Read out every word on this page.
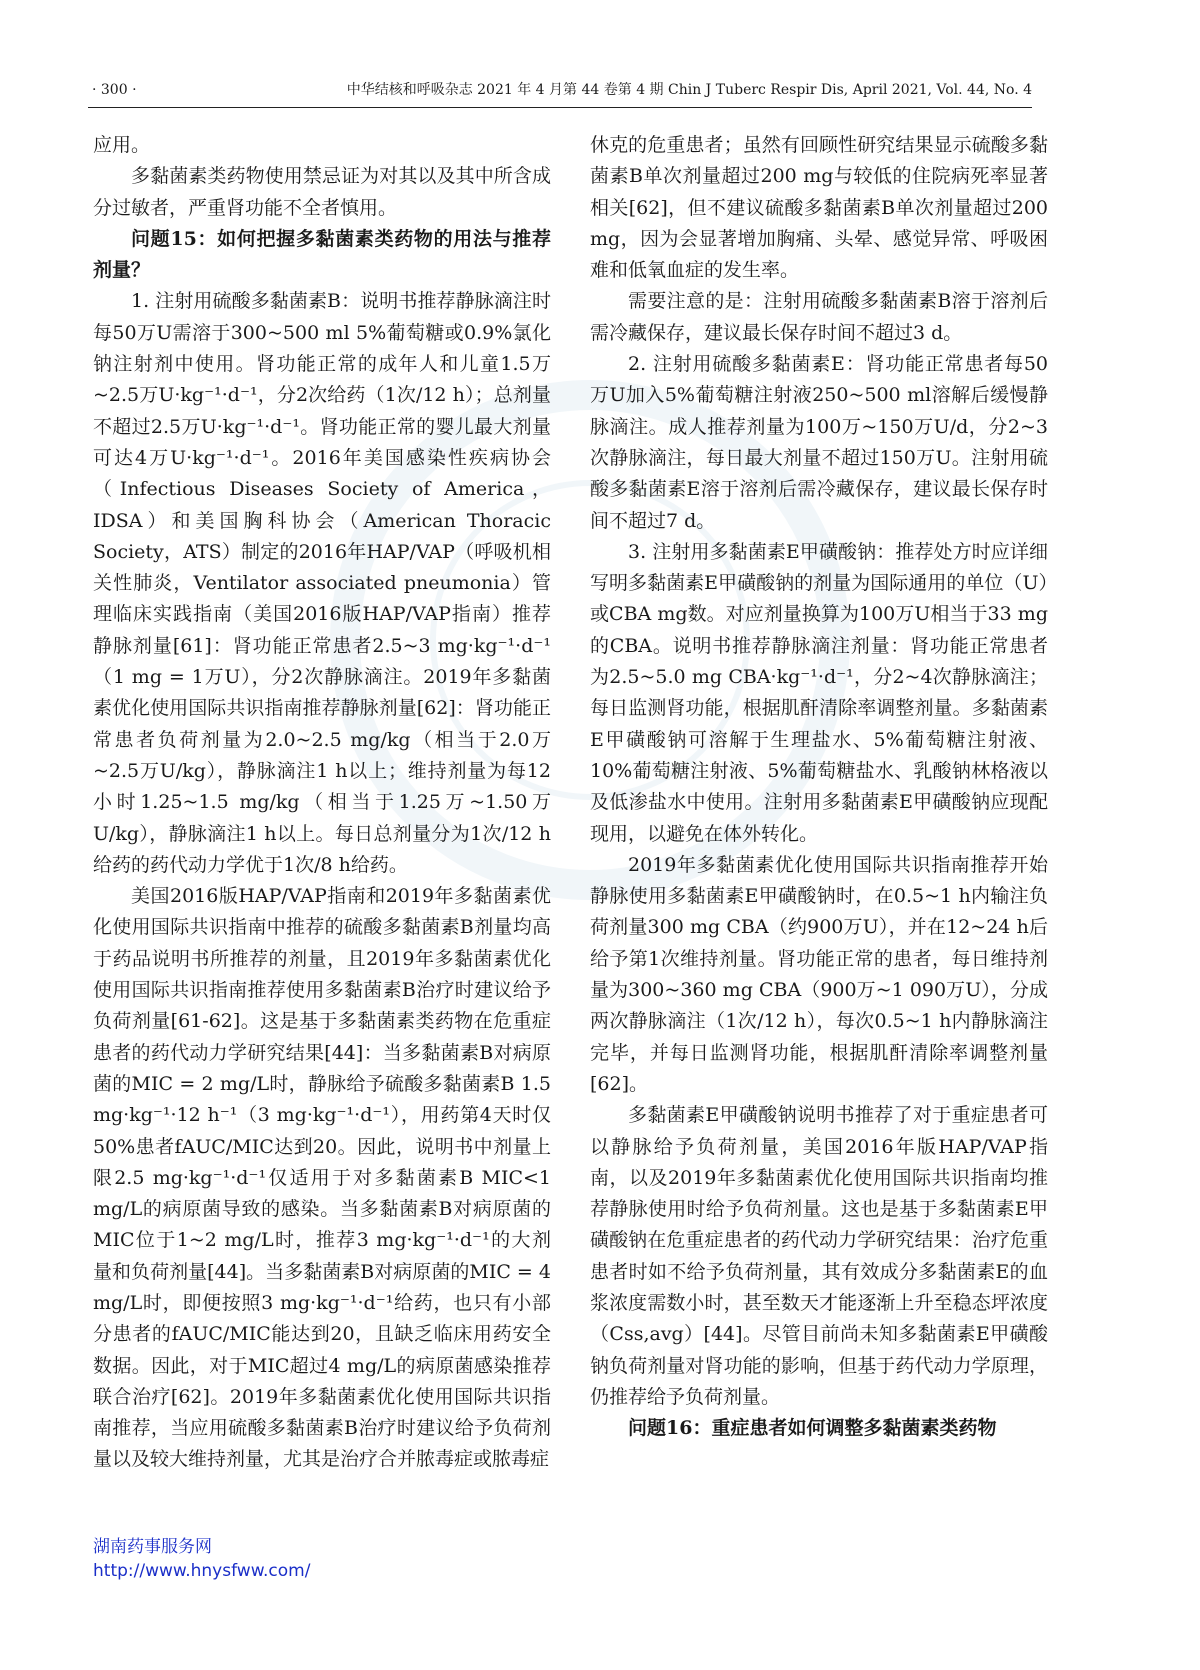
· 300 ·	中华结核和呼吸杂志 2021 年 4 月第 44 卷第 4 期 Chin J Tuberc Respir Dis, April 2021, Vol. 44, No. 4

应用。

多黏菌素类药物使用禁忌证为对其以及其中所含成分过敏者，严重肾功能不全者慎用。

问题15：如何把握多黏菌素类药物的用法与推荐剂量？

1. 注射用硫酸多黏菌素B：说明书推荐静脉滴注时每50万U需溶于300~500 ml 5%葡萄糖或0.9%氯化钠注射剂中使用。肾功能正常的成年人和儿童1.5万~2.5万U·kg⁻¹·d⁻¹，分2次给药（1次/12 h）；总剂量不超过2.5万U·kg⁻¹·d⁻¹。肾功能正常的婴儿最大剂量可达4万U·kg⁻¹·d⁻¹。2016年美国感染性疾病协会（Infectious Diseases Society of America，IDSA）和美国胸科协会（American Thoracic Society，ATS）制定的2016年HAP/VAP（呼吸机相关性肺炎，Ventilator associated pneumonia）管理临床实践指南（美国2016版HAP/VAP指南）推荐静脉剂量[61]：肾功能正常患者2.5~3 mg·kg⁻¹·d⁻¹（1 mg = 1万U），分2次静脉滴注。2019年多黏菌素优化使用国际共识指南推荐静脉剂量[62]：肾功能正常患者负荷剂量为2.0~2.5 mg/kg（相当于2.0万~2.5万U/kg），静脉滴注1 h以上；维持剂量为每12小时1.25~1.5 mg/kg（相当于1.25万~1.50万U/kg），静脉滴注1 h以上。每日总剂量分为1次/12 h给药的药代动力学优于1次/8 h给药。

美国2016版HAP/VAP指南和2019年多黏菌素优化使用国际共识指南中推荐的硫酸多黏菌素B剂量均高于药品说明书所推荐的剂量，且2019年多黏菌素优化使用国际共识指南推荐使用多黏菌素B治疗时建议给予负荷剂量[61-62]。这是基于多黏菌素类药物在危重症患者的药代动力学研究结果[44]：当多黏菌素B对病原菌的MIC = 2 mg/L时，静脉给予硫酸多黏菌素B 1.5 mg·kg⁻¹·12 h⁻¹（3 mg·kg⁻¹·d⁻¹），用药第4天时仅50%患者fAUC/MIC达到20。因此，说明书中剂量上限2.5 mg·kg⁻¹·d⁻¹仅适用于对多黏菌素B MIC<1 mg/L的病原菌导致的感染。当多黏菌素B对病原菌的MIC位于1~2 mg/L时，推荐3 mg·kg⁻¹·d⁻¹的大剂量和负荷剂量[44]。当多黏菌素B对病原菌的MIC = 4 mg/L时，即便按照3 mg·kg⁻¹·d⁻¹给药，也只有小部分患者的fAUC/MIC能达到20，且缺乏临床用药安全数据。因此，对于MIC超过4 mg/L的病原菌感染推荐联合治疗[62]。2019年多黏菌素优化使用国际共识指南推荐，当应用硫酸多黏菌素B治疗时建议给予负荷剂量以及较大维持剂量，尤其是治疗合并脓毒症或脓毒症

休克的危重患者；虽然有回顾性研究结果显示硫酸多黏菌素B单次剂量超过200 mg与较低的住院病死率显著相关[62]，但不建议硫酸多黏菌素B单次剂量超过200 mg，因为会显著增加胸痛、头晕、感觉异常、呼吸困难和低氧血症的发生率。

需要注意的是：注射用硫酸多黏菌素B溶于溶剂后需冷藏保存，建议最长保存时间不超过3 d。

2. 注射用硫酸多黏菌素E：肾功能正常患者每50万U加入5%葡萄糖注射液250~500 ml溶解后缓慢静脉滴注。成人推荐剂量为100万~150万U/d，分2~3次静脉滴注，每日最大剂量不超过150万U。注射用硫酸多黏菌素E溶于溶剂后需冷藏保存，建议最长保存时间不超过7 d。

3. 注射用多黏菌素E甲磺酸钠：推荐处方时应详细写明多黏菌素E甲磺酸钠的剂量为国际通用的单位（U）或CBA mg数。对应剂量换算为100万U相当于33 mg的CBA。说明书推荐静脉滴注剂量：肾功能正常患者为2.5~5.0 mg CBA·kg⁻¹·d⁻¹，分2~4次静脉滴注；每日监测肾功能，根据肌酐清除率调整剂量。多黏菌素E甲磺酸钠可溶解于生理盐水、5%葡萄糖注射液、10%葡萄糖注射液、5%葡萄糖盐水、乳酸钠林格液以及低渗盐水中使用。注射用多黏菌素E甲磺酸钠应现配现用，以避免在体外转化。

2019年多黏菌素优化使用国际共识指南推荐开始静脉使用多黏菌素E甲磺酸钠时，在0.5~1 h内输注负荷剂量300 mg CBA（约900万U），并在12~24 h后给予第1次维持剂量。肾功能正常的患者，每日维持剂量为300~360 mg CBA（900万~1 090万U），分成两次静脉滴注（1次/12 h），每次0.5~1 h内静脉滴注完毕，并每日监测肾功能，根据肌酐清除率调整剂量[62]。

多黏菌素E甲磺酸钠说明书推荐了对于重症患者可以静脉给予负荷剂量，美国2016年版HAP/VAP指南，以及2019年多黏菌素优化使用国际共识指南均推荐静脉使用时给予负荷剂量。这也是基于多黏菌素E甲磺酸钠在危重症患者的药代动力学研究结果：治疗危重患者时如不给予负荷剂量，其有效成分多黏菌素E的血浆浓度需数小时，甚至数天才能逐渐上升至稳态坪浓度（Css,avg）[44]。尽管目前尚未知多黏菌素E甲磺酸钠负荷剂量对肾功能的影响，但基于药代动力学原理，仍推荐给予负荷剂量。

问题16：重症患者如何调整多黏菌素类药物

湖南药事服务网
http://www.hnysfww.com/
